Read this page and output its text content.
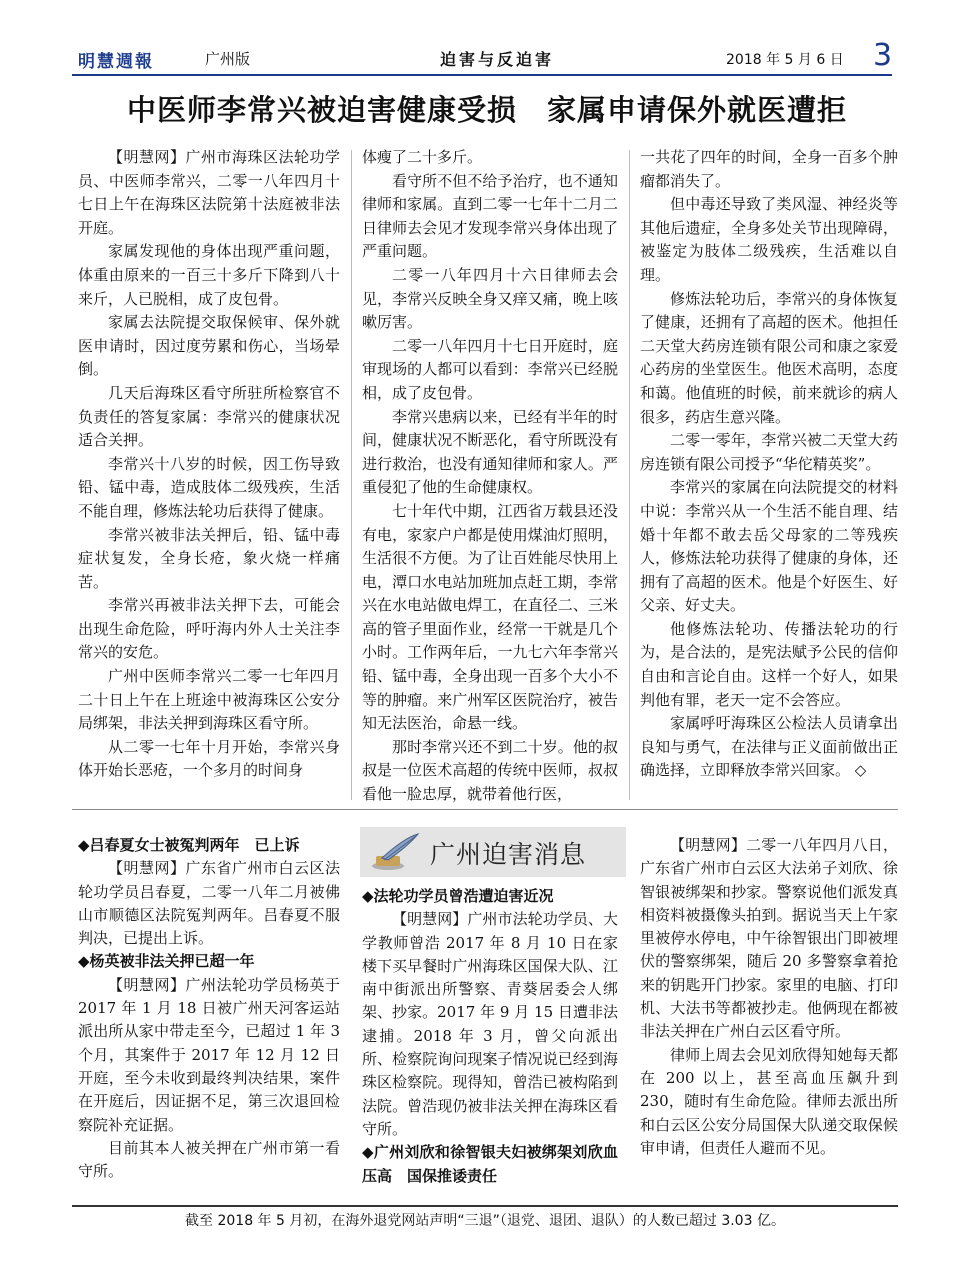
明慧週報	广州版	迫害与反迫害	2018 年 5 月 6 日 3
中医师李常兴被迫害健康受损　家属申请保外就医遭拒

【明慧网】广州市海珠区法轮功学员、中医师李常兴，二零一八年四月十七日上午在海珠区法院第十法庭被非法开庭。

家属发现他的身体出现严重问题，体重由原来的一百三十多斤下降到八十来斤，人已脱相，成了皮包骨。

家属去法院提交取保候审、保外就医申请时，因过度劳累和伤心，当场晕倒。

几天后海珠区看守所驻所检察官不负责任的答复家属：李常兴的健康状况适合关押。

李常兴十八岁的时候，因工伤导致铅、锰中毒，造成肢体二级残疾，生活不能自理，修炼法轮功后获得了健康。

李常兴被非法关押后，铅、锰中毒症状复发，全身长疮，象火烧一样痛苦。

李常兴再被非法关押下去，可能会出现生命危险，呼吁海内外人士关注李常兴的安危。

广州中医师李常兴二零一七年四月二十日上午在上班途中被海珠区公安分局绑架，非法关押到海珠区看守所。

从二零一七年十月开始，李常兴身体开始长恶疮，一个多月的时间身

体瘦了二十多斤。

看守所不但不给予治疗，也不通知律师和家属。直到二零一七年十二月二日律师去会见才发现李常兴身体出现了严重问题。

二零一八年四月十六日律师去会见，李常兴反映全身又痒又痛，晚上咳嗽厉害。

二零一八年四月十七日开庭时，庭审现场的人都可以看到：李常兴已经脱相，成了皮包骨。

李常兴患病以来，已经有半年的时间，健康状况不断恶化，看守所既没有进行救治，也没有通知律师和家人。严重侵犯了他的生命健康权。

七十年代中期，江西省万载县还没有电，家家户户都是使用煤油灯照明，生活很不方便。为了让百姓能尽快用上电，潭口水电站加班加点赶工期，李常兴在水电站做电焊工，在直径二、三米高的管子里面作业，经常一干就是几个小时。工作两年后，一九七六年李常兴铅、锰中毒，全身出现一百多个大小不等的肿瘤。来广州军区医院治疗，被告知无法医治，命悬一线。

那时李常兴还不到二十岁。他的叔叔是一位医术高超的传统中医师，叔叔看他一脸忠厚，就带着他行医，

一共花了四年的时间，全身一百多个肿瘤都消失了。

但中毒还导致了类风湿、神经炎等其他后遗症，全身多处关节出现障碍，被鉴定为肢体二级残疾，生活难以自理。

修炼法轮功后，李常兴的身体恢复了健康，还拥有了高超的医术。他担任二天堂大药房连锁有限公司和康之家爱心药房的坐堂医生。他医术高明，态度和蔼。他值班的时候，前来就诊的病人很多，药店生意兴隆。

二零一零年，李常兴被二天堂大药房连锁有限公司授予“华佗精英奖”。

李常兴的家属在向法院提交的材料中说：李常兴从一个生活不能自理、结婚十年都不敢去岳父母家的二等残疾人，修炼法轮功获得了健康的身体，还拥有了高超的医术。他是个好医生、好父亲、好丈夫。

他修炼法轮功、传播法轮功的行为，是合法的，是宪法赋予公民的信仰自由和言论自由。这样一个好人，如果判他有罪，老天一定不会答应。

家属呼吁海珠区公检法人员请拿出良知与勇气，在法律与正义面前做出正确选择，立即释放李常兴回家。 ◇

广州迫害消息

◆吕春夏女士被冤判两年　已上诉

【明慧网】广东省广州市白云区法轮功学员吕春夏，二零一八年二月被佛山市顺德区法院冤判两年。吕春夏不服判决，已提出上诉。

◆杨英被非法关押已超一年

【明慧网】广州法轮功学员杨英于 2017 年 1 月 18 日被广州天河客运站派出所从家中带走至今，已超过 1 年 3 个月，其案件于 2017 年 12 月 12 日开庭，至今未收到最终判决结果，案件在开庭后，因证据不足，第三次退回检察院补充证据。

目前其本人被关押在广州市第一看守所。

◆法轮功学员曾浩遭迫害近况

【明慧网】广州市法轮功学员、大学教师曾浩 2017 年 8 月 10 日在家楼下买早餐时广州海珠区国保大队、江南中街派出所警察、青葵居委会人绑架、抄家。2017 年 9 月 15 日遭非法逮捕。2018 年 3 月，曾父向派出所、检察院询问现案子情况说已经到海珠区检察院。现得知，曾浩已被构陷到法院。曾浩现仍被非法关押在海珠区看守所。

◆广州刘欣和徐智银夫妇被绑架刘欣血压高　国保推诿责任

【明慧网】二零一八年四月八日，广东省广州市白云区大法弟子刘欣、徐智银被绑架和抄家。警察说他们派发真相资料被摄像头拍到。据说当天上午家里被停水停电，中午徐智银出门即被埋伏的警察绑架，随后 20 多警察拿着抢来的钥匙开门抄家。家里的电脑、打印机、大法书等都被抄走。他俩现在都被非法关押在广州白云区看守所。

律师上周去会见刘欣得知她每天都在 200 以上，甚至高血压飙升到 230，随时有生命危险。律师去派出所和白云区公安分局国保大队递交取保候审申请，但责任人避而不见。

截至 2018 年 5 月初，在海外退党网站声明“三退”（退党、退团、退队）的人数已超过 3.03 亿。
